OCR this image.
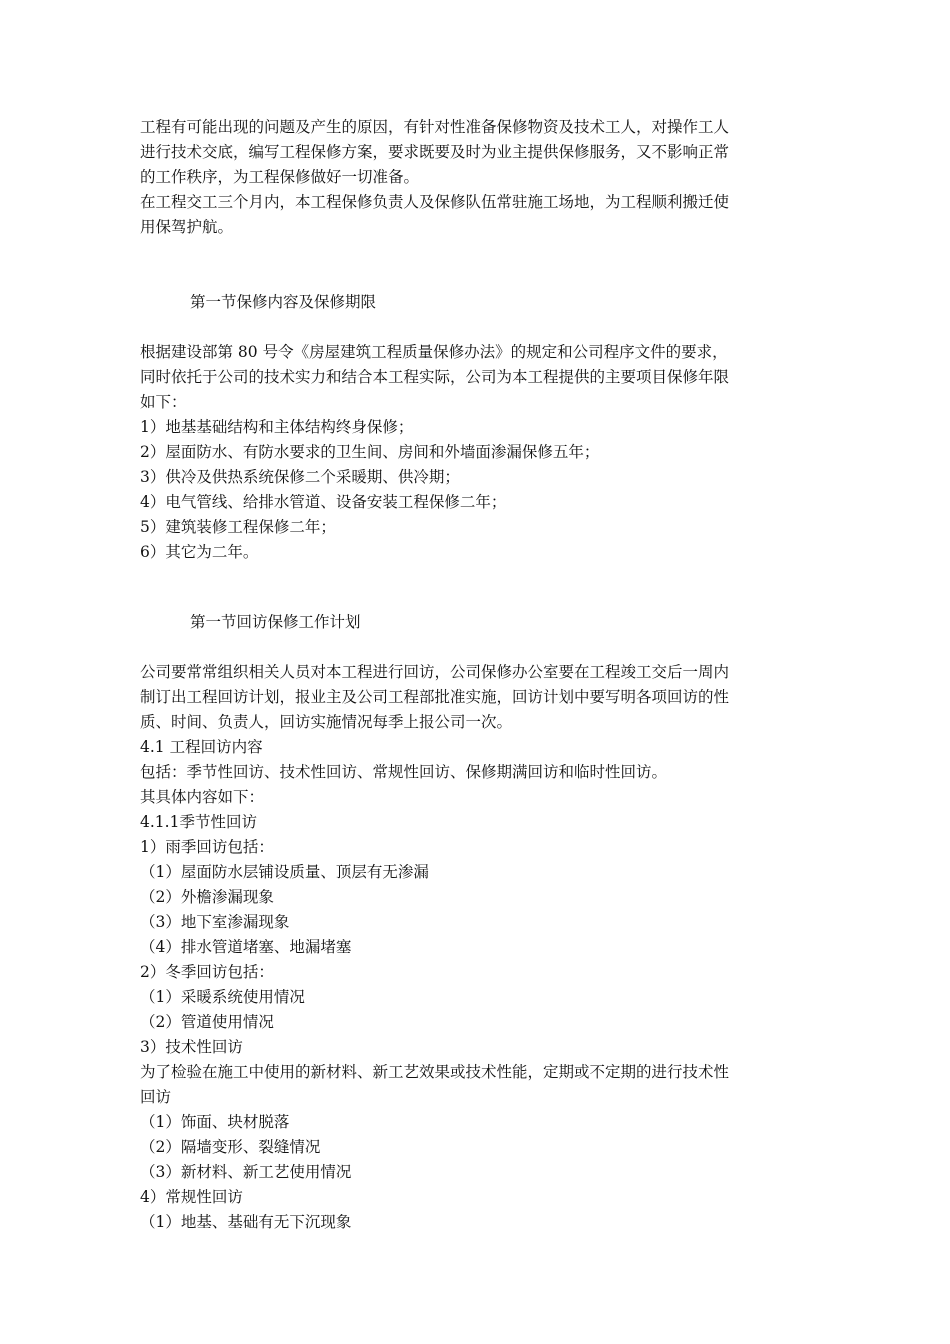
工程有可能出现的问题及产生的原因，有针对性准备保修物资及技术工人，对操作工人
进行技术交底，编写工程保修方案，要求既要及时为业主提供保修服务，又不影响正常
的工作秩序，为工程保修做好一切准备。
在工程交工三个月内，本工程保修负责人及保修队伍常驻施工场地，为工程顺利搬迁使
用保驾护航。
第一节保修内容及保修期限
根据建设部第 80 号令《房屋建筑工程质量保修办法》的规定和公司程序文件的要求，
同时依托于公司的技术实力和结合本工程实际，公司为本工程提供的主要项目保修年限
如下：
1）地基基础结构和主体结构终身保修；
2）屋面防水、有防水要求的卫生间、房间和外墙面渗漏保修五年；
3）供冷及供热系统保修二个采暖期、供冷期；
4）电气管线、给排水管道、设备安装工程保修二年；
5）建筑装修工程保修二年；
6）其它为二年。
第一节回访保修工作计划
公司要常常组织相关人员对本工程进行回访，公司保修办公室要在工程竣工交后一周内
制订出工程回访计划，报业主及公司工程部批准实施，回访计划中要写明各项回访的性
质、时间、负责人，回访实施情况每季上报公司一次。
4.1 工程回访内容
包括：季节性回访、技术性回访、常规性回访、保修期满回访和临时性回访。
其具体内容如下：
4.1.1季节性回访
1）雨季回访包括：
（1）屋面防水层铺设质量、顶层有无渗漏
（2）外檐渗漏现象
（3）地下室渗漏现象
（4）排水管道堵塞、地漏堵塞
2）冬季回访包括：
（1）采暖系统使用情况
（2）管道使用情况
3）技术性回访
为了检验在施工中使用的新材料、新工艺效果或技术性能，定期或不定期的进行技术性
回访
（1）饰面、块材脱落
（2）隔墙变形、裂缝情况
（3）新材料、新工艺使用情况
4）常规性回访
（1）地基、基础有无下沉现象
